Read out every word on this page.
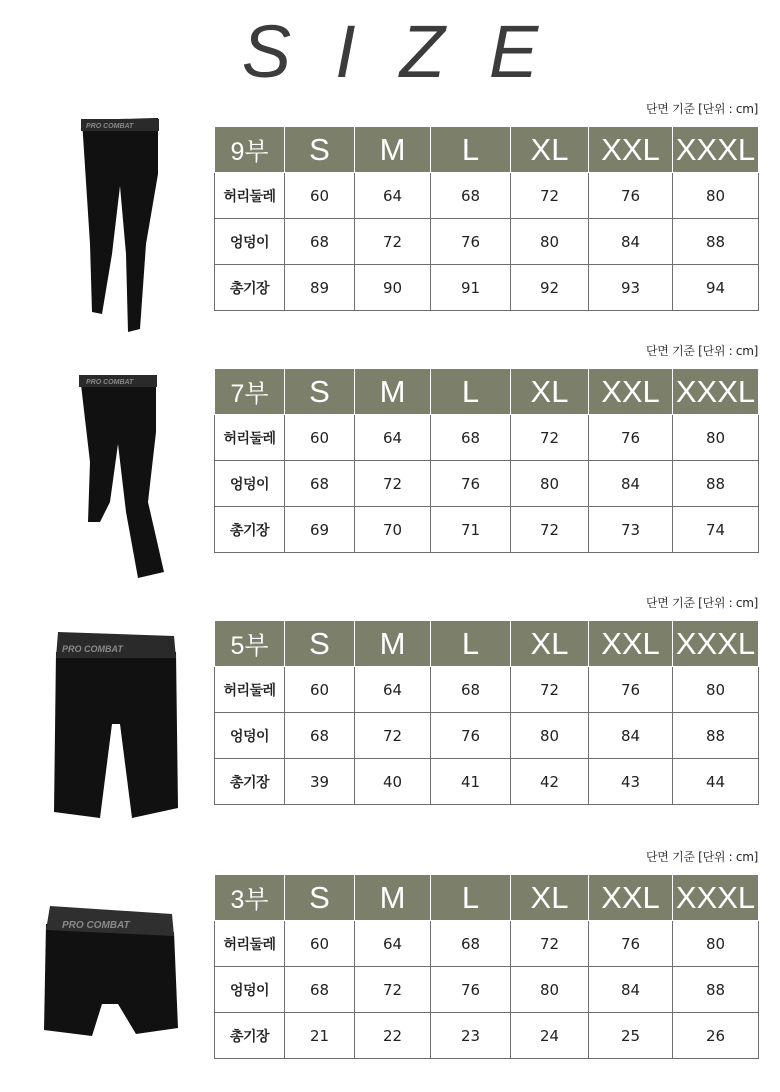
SIZE
단면 기준 [단위 : cm]
PRO COMBAT
9부	S	M	L	XL	XXL	XXXL
허리둘레	60	64	68	72	76	80
엉덩이	68	72	76	80	84	88
총기장	89	90	91	92	93	94
단면 기준 [단위 : cm]
PRO COMBAT	7부	S	M	L	XL	XXL	XXXL
허리둘레	60	64	68	72	76	80
엉덩이	68	72	76	80	84	88
총기장	69	70	71	72	73	74
단면 기준 [단위 : cm]
PRO COMBAT	5부	S	M	L	XL	XXL	XXXL
허리둘레	60	64	68	72	76	80
엉덩이	68	72	76	80	84	88
총기장	39	40	41	42	43	44
단면 기준 [단위 : cm]
PRO COMBAT
3부	S	M	L	XL	XXL	XXXL
허리둘레	60	64	68	72	76	80
엉덩이	68	72	76	80	84	88
총기장	21	22	23	24	25	26
